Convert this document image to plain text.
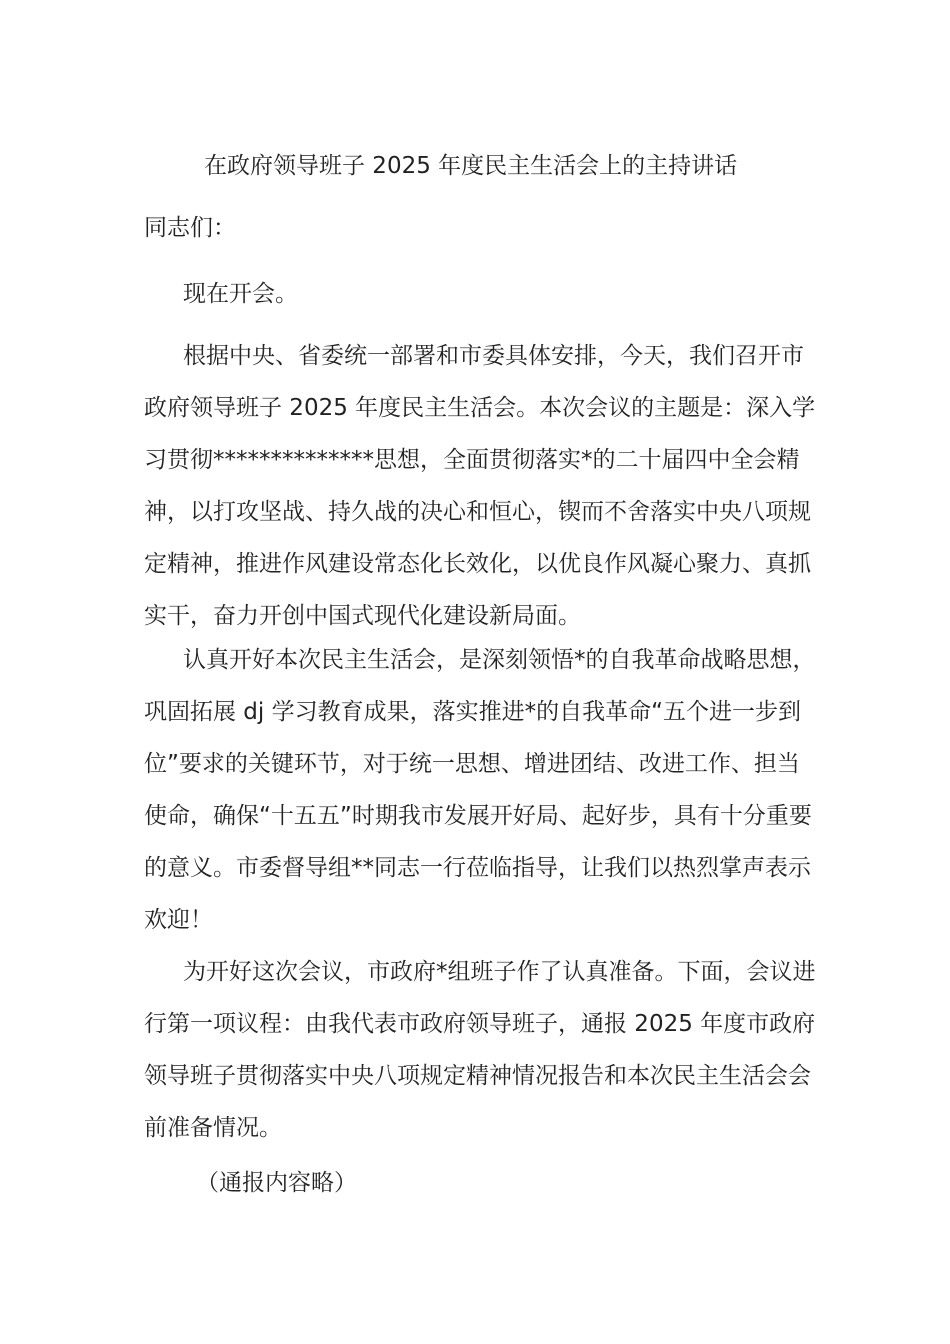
在政府领导班子 2025 年度民主生活会上的主持讲话
同志们：
现在开会。
根据中央、省委统一部署和市委具体安排，今天，我们召开市政府领导班子 2025 年度民主生活会。本次会议的主题是：深入学习贯彻**************思想，全面贯彻落实*的二十届四中全会精神，以打攻坚战、持久战的决心和恒心，锲而不舍落实中央八项规定精神，推进作风建设常态化长效化，以优良作风凝心聚力、真抓实干，奋力开创中国式现代化建设新局面。
认真开好本次民主生活会，是深刻领悟*的自我革命战略思想，巩固拓展 dj 学习教育成果，落实推进*的自我革命“五个进一步到位”要求的关键环节，对于统一思想、增进团结、改进工作、担当使命，确保“十五五”时期我市发展开好局、起好步，具有十分重要的意义。市委督导组**同志一行莅临指导，让我们以热烈掌声表示欢迎！
为开好这次会议，市政府*组班子作了认真准备。下面，会议进行第一项议程：由我代表市政府领导班子，通报 2025 年度市政府领导班子贯彻落实中央八项规定精神情况报告和本次民主生活会会前准备情况。
（通报内容略）
